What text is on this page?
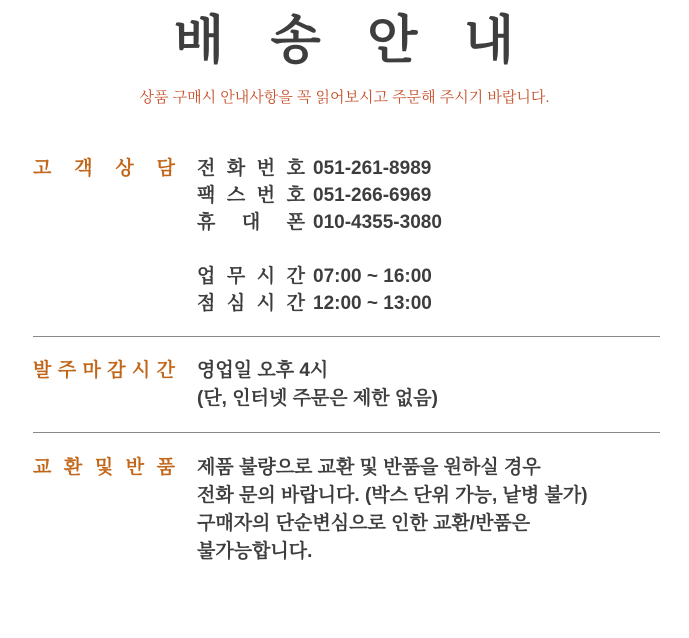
배 송 안 내

상품 구매시 안내사항을 꼭 읽어보시고 주문해 주시기 바랍니다.

고 객 상 담 전 화 번 호 051-261-8989
팩 스 번 호 051-266-6969
휴 대 폰 010-4355-3080
업 무 시 간 07:00 ~ 16:00
점 심 시 간 12:00 ~ 13:00
발 주 마 감 시 간 영업일 오후 4시

(단, 인터넷 주문은 제한 없음)

교 환 및 반 품 제품 불량으로 교환 및 반품을 원하실 경우

전화 문의 바랍니다. (박스 단위 가능, 낱병 불가)

구매자의 단순변심으로 인한 교환/반품은

불가능합니다.
